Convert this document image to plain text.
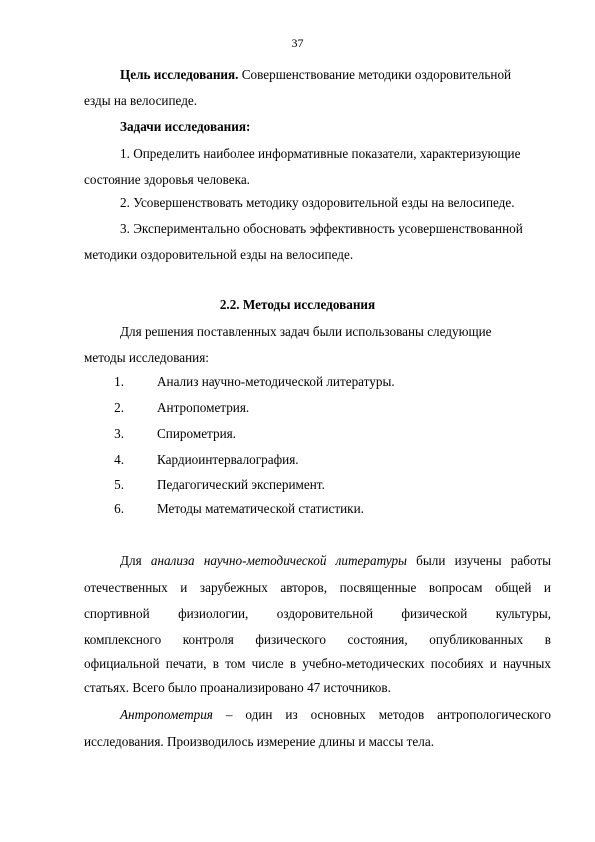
37
Цель исследования. Совершенствование методики оздоровительной
езды на велосипеде.
Задачи исследования:
1. Определить наиболее информативные показатели, характеризующие
состояние здоровья человека.
2. Усовершенствовать методику оздоровительной езды на велосипеде.
3. Экспериментально обосновать эффективность усовершенствованной
методики оздоровительной езды на велосипеде.
2.2. Методы исследования
Для решения поставленных задач были использованы следующие
методы исследования:
1.	Анализ научно-методической литературы.
2.	Антропометрия.
3.	Спирометрия.
4.	Кардиоинтервалография.
5.	Педагогический эксперимент.
6.	Методы математической статистики.
Для анализа научно-методической литературы были изучены работы
отечественных и зарубежных авторов, посвященные вопросам общей и
спортивной физиологии, оздоровительной физической культуры,
комплексного контроля физического состояния, опубликованных в
официальной печати, в том числе в учебно-методических пособиях и научных
статьях. Всего было проанализировано 47 источников.
Антропометрия – один из основных методов антропологического
исследования. Производилось измерение длины и массы тела.
